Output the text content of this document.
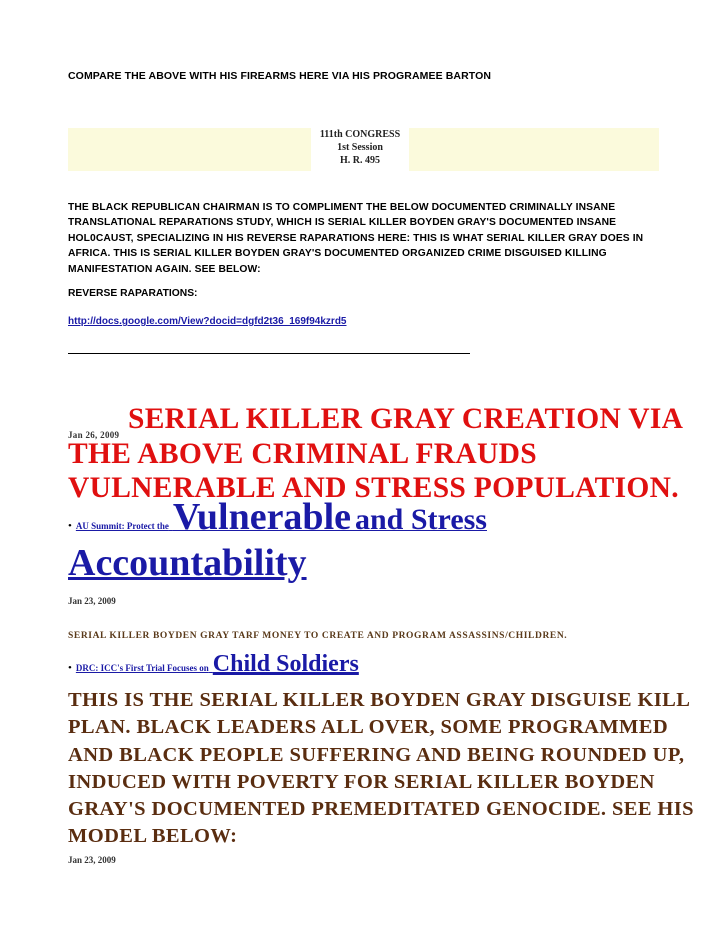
COMPARE THE ABOVE WITH HIS FIREARMS HERE VIA HIS PROGRAMEE BARTON
111th CONGRESS
1st Session
H. R. 495
THE BLACK REPUBLICAN CHAIRMAN IS TO COMPLIMENT THE BELOW DOCUMENTED CRIMINALLY INSANE TRANSLATIONAL REPARATIONS STUDY, WHICH IS SERIAL KILLER BOYDEN GRAY'S DOCUMENTED INSANE HOL0CAUST, SPECIALIZING IN HIS REVERSE RAPARATIONS HERE: THIS IS WHAT SERIAL KILLER GRAY DOES IN AFRICA. THIS IS SERIAL KILLER BOYDEN GRAY'S DOCUMENTED ORGANIZED CRIME DISGUISED KILLING MANIFESTATION AGAIN. SEE BELOW:
REVERSE RAPARATIONS:
http://docs.google.com/View?docid=dgfd2t36_169f94kzrd5
Jan 26, 2009 SERIAL KILLER GRAY CREATION VIA THE ABOVE CRIMINAL FRAUDS VULNERABLE AND STRESS POPULATION.
• AU Summit: Protect the Vulnerable and Stress
Accountability
Jan 23, 2009
SERIAL KILLER BOYDEN GRAY TARF MONEY TO CREATE AND PROGRAM ASSASSINS/CHILDREN.
• DRC: ICC's First Trial Focuses on Child Soldiers
THIS IS THE SERIAL KILLER BOYDEN GRAY DISGUISE KILL PLAN. BLACK LEADERS ALL OVER, SOME PROGRAMMED AND BLACK PEOPLE SUFFERING AND BEING ROUNDED UP, INDUCED WITH POVERTY FOR SERIAL KILLER BOYDEN GRAY'S DOCUMENTED PREMEDITATED GENOCIDE. SEE HIS MODEL BELOW:
Jan 23, 2009
